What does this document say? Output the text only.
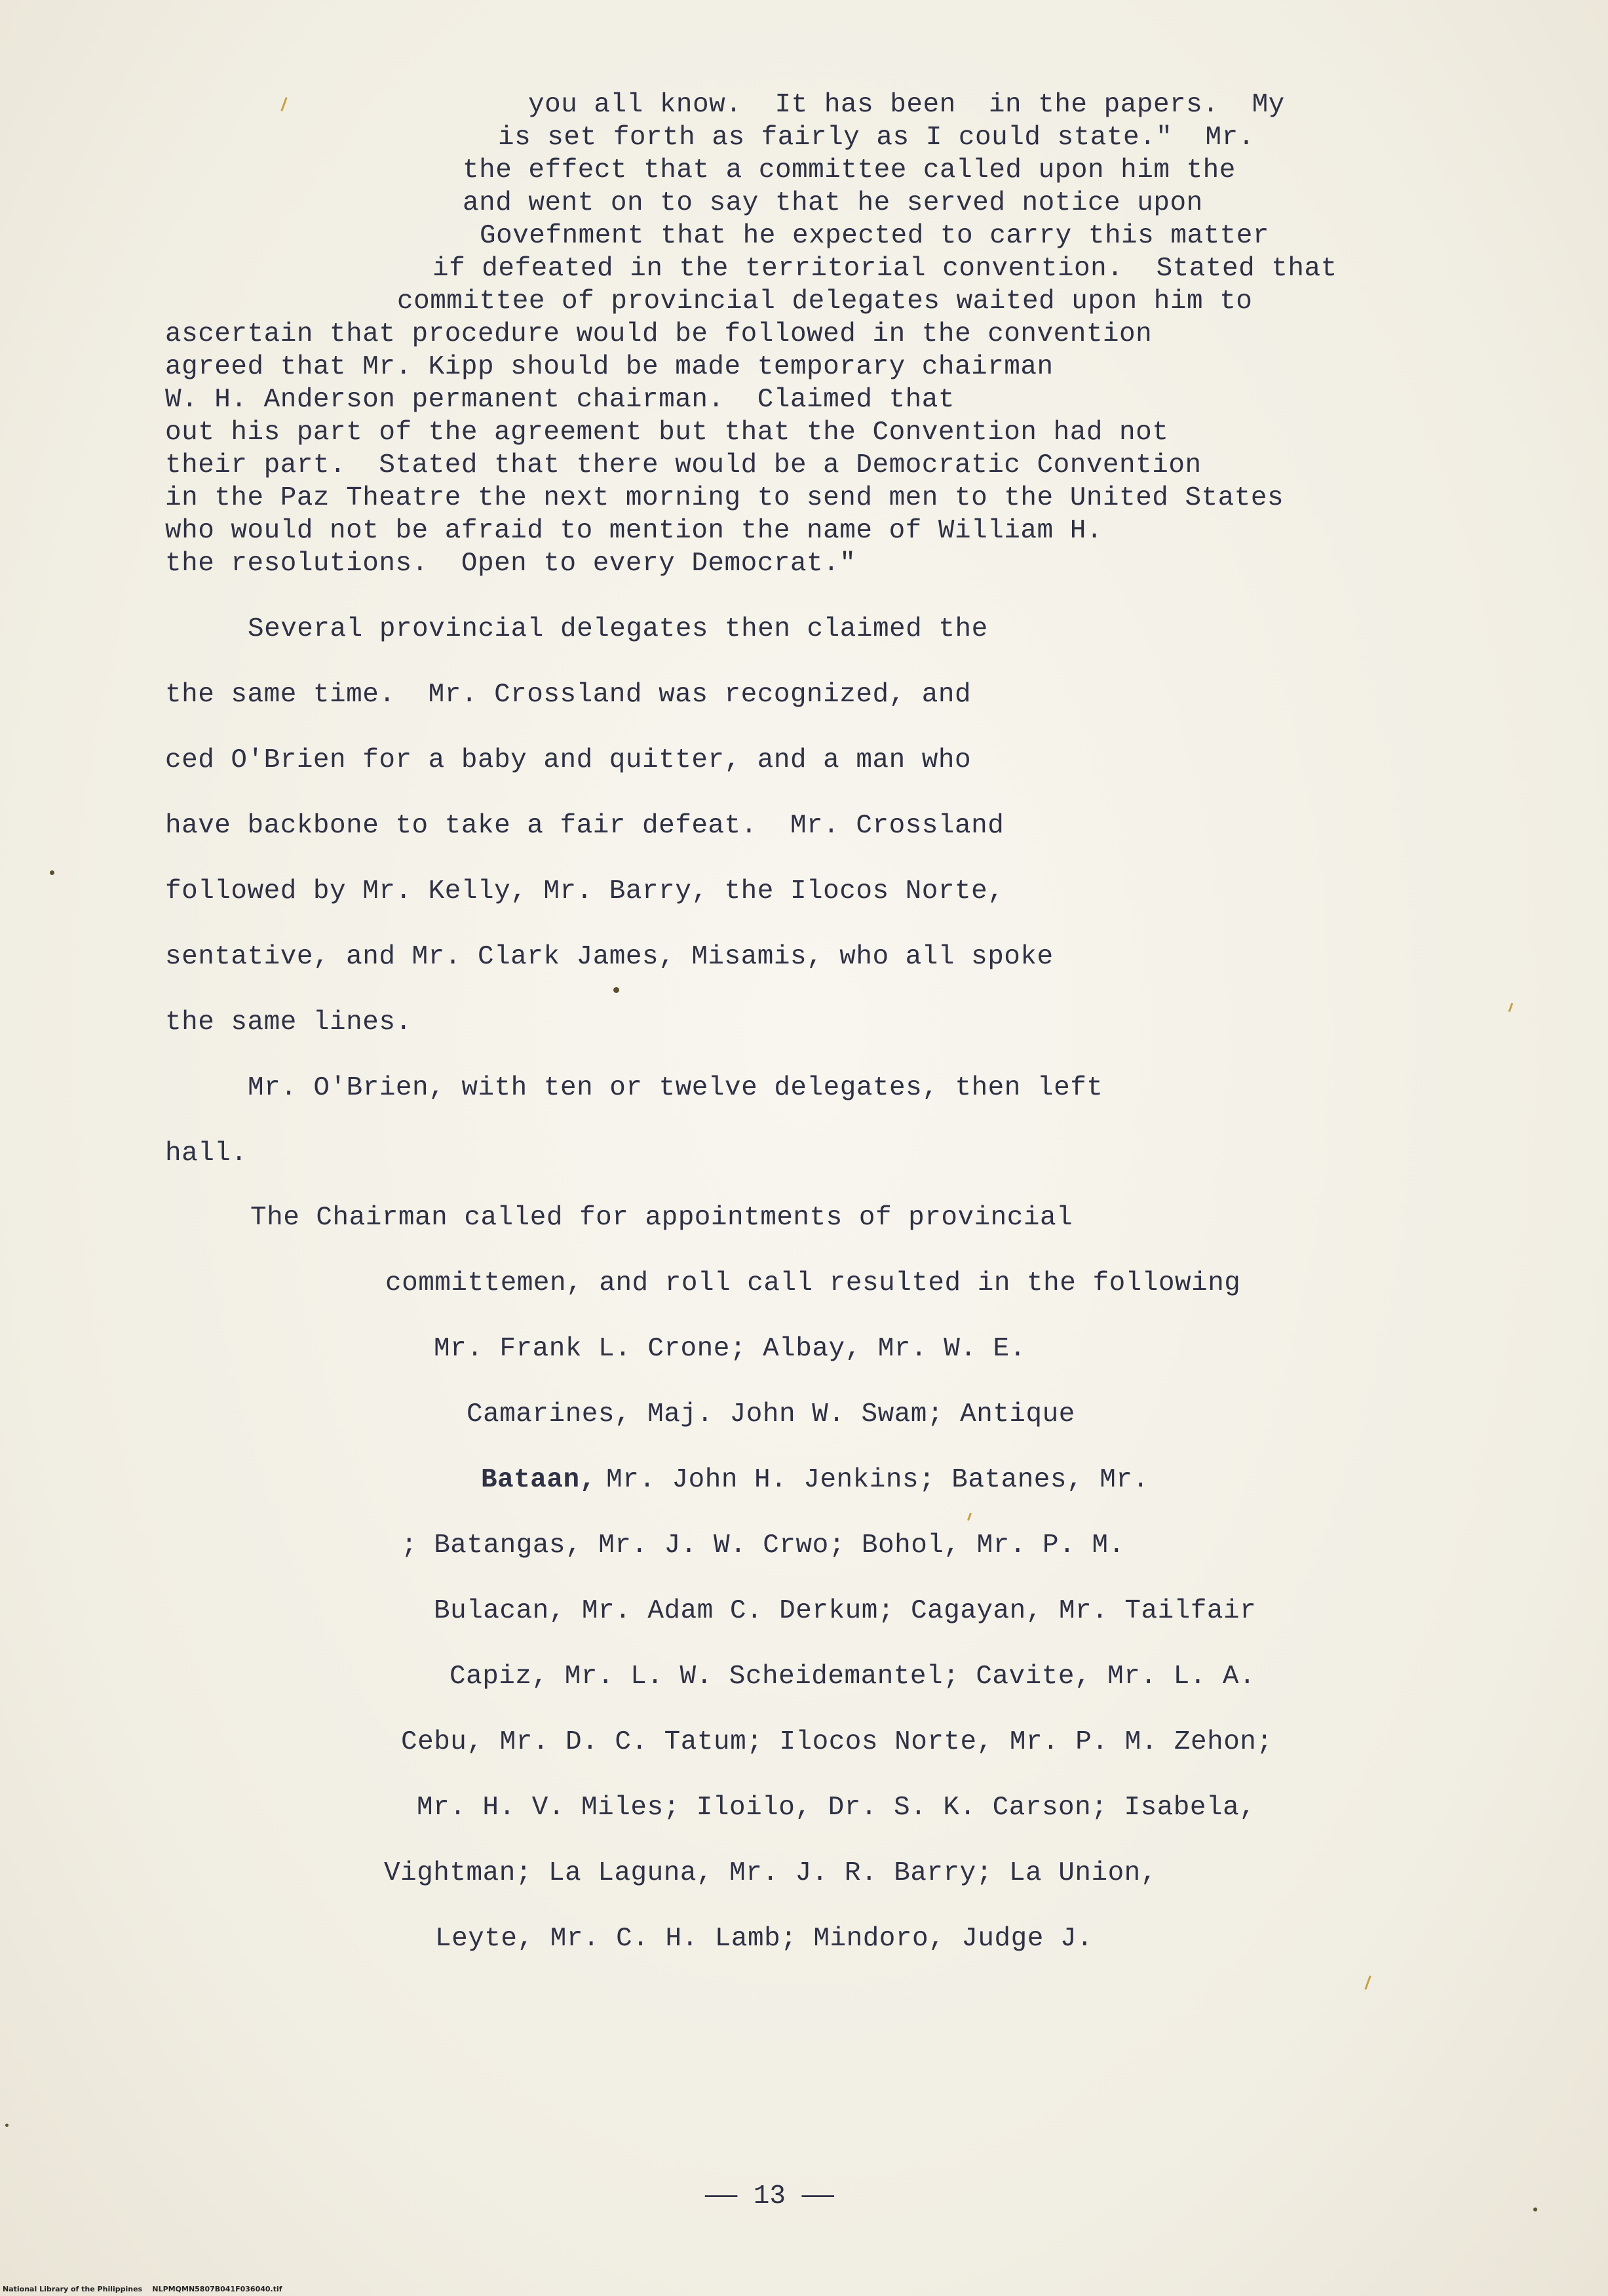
you all know.  It has been  in the papers.  My
is set forth as fairly as I could state."  Mr.
the effect that a committee called upon him the
and went on to say that he served notice upon
Govefnment that he expected to carry this matter
if defeated in the territorial convention.  Stated that
committee of provincial delegates waited upon him to
ascertain that procedure would be followed in the convention
agreed that Mr. Kipp should be made temporary chairman
W. H. Anderson permanent chairman.  Claimed that
out his part of the agreement but that the Convention had not
their part.  Stated that there would be a Democratic Convention
in the Paz Theatre the next morning to send men to the United States
who would not be afraid to mention the name of William H.
the resolutions.  Open to every Democrat."
Several provincial delegates then claimed the
the same time.  Mr. Crossland was recognized, and
ced O'Brien for a baby and quitter, and a man who
have backbone to take a fair defeat.  Mr. Crossland
followed by Mr. Kelly, Mr. Barry, the Ilocos Norte,
sentative, and Mr. Clark James, Misamis, who all spoke
the same lines.
Mr. O'Brien, with ten or twelve delegates, then left
hall.
The Chairman called for appointments of provincial
committemen, and roll call resulted in the following
Mr. Frank L. Crone; Albay, Mr. W. E.
Camarines, Maj. John W. Swam; Antique
Bataan,
Mr. John H. Jenkins; Batanes, Mr.
; Batangas, Mr. J. W. Crwo; Bohol, Mr. P. M.
Bulacan, Mr. Adam C. Derkum; Cagayan, Mr. Tailfair
Capiz, Mr. L. W. Scheidemantel; Cavite, Mr. L. A.
Cebu, Mr. D. C. Tatum; Ilocos Norte, Mr. P. M. Zehon;
Mr. H. V. Miles; Iloilo, Dr. S. K. Carson; Isabela,
Vightman; La Laguna, Mr. J. R. Barry; La Union,
Leyte, Mr. C. H. Lamb; Mindoro, Judge J.
—— 13 ——
National Library of the Philippines    NLPMQMN5807B041F036040.tif
